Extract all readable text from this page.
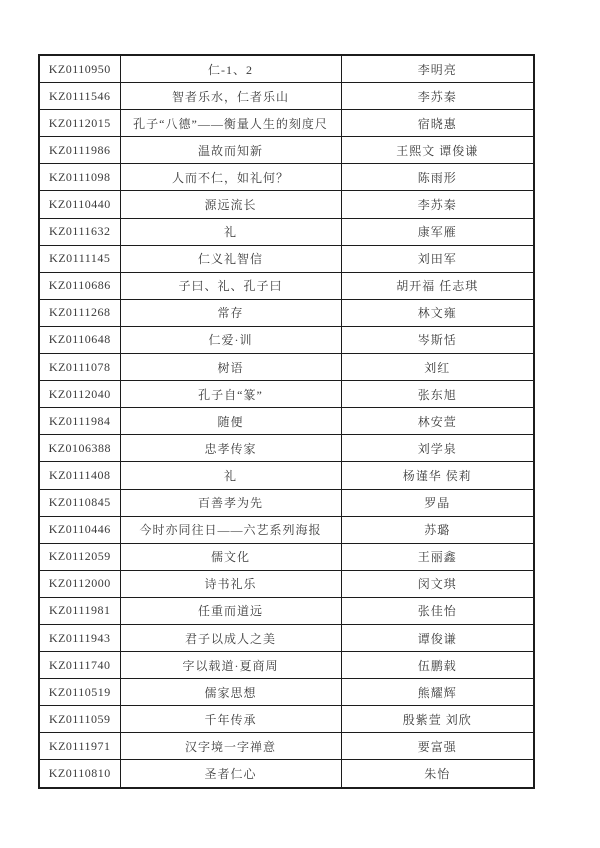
KZ0110950	仁-1、2	李明亮
KZ0111546	智者乐水，仁者乐山	李苏秦
KZ0112015	孔子“八德”——衡量人生的刻度尺	宿晓惠
KZ0111986	温故而知新	王熙文 谭俊谦
KZ0111098	人而不仁，如礼何？	陈雨形
KZ0110440	源远流长	李苏秦
KZ0111632	礼	康军雁
KZ0111145	仁义礼智信	刘田军
KZ0110686	子曰、礼、孔子曰	胡开福 任志琪
KZ0111268	常存	林文雍
KZ0110648	仁爱·训	岑斯恬
KZ0111078	树语	刘红
KZ0112040	孔子自“篆”	张东旭
KZ0111984	随便	林安萱
KZ0106388	忠孝传家	刘学泉
KZ0111408	礼	杨谨华 侯莉
KZ0110845	百善孝为先	罗晶
KZ0110446	今时亦同往日——六艺系列海报	苏璐
KZ0112059	儒文化	王丽鑫
KZ0112000	诗书礼乐	闵文琪
KZ0111981	任重而道远	张佳怡
KZ0111943	君子以成人之美	谭俊谦
KZ0111740	字以载道·夏商周	伍鹏载
KZ0110519	儒家思想	熊耀辉
KZ0111059	千年传承	殷紫萱 刘欣
KZ0111971	汉字境一字禅意	要富强
KZ0110810	圣者仁心	朱怡
